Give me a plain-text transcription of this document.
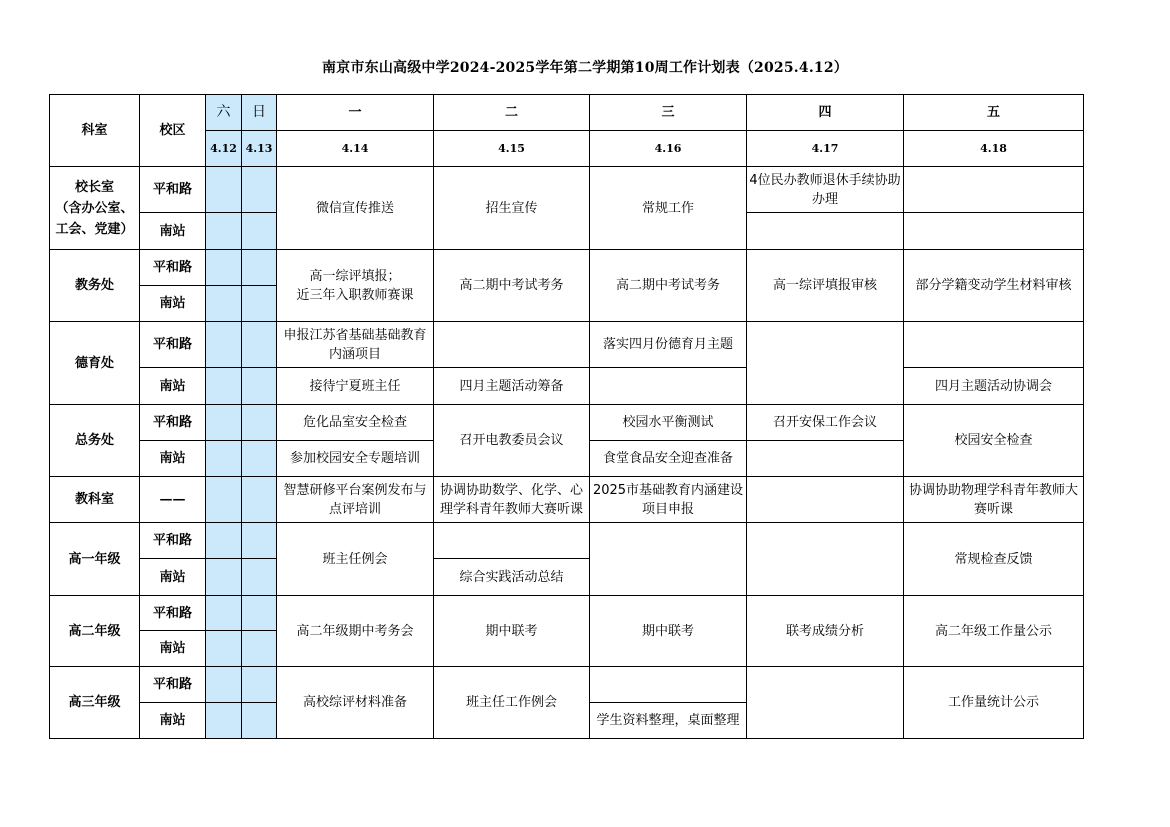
南京市东山高级中学2024-2025学年第二学期第10周工作计划表（2025.4.12）
科室	校区	六	日	一	二	三	四	五
		4.12	4.13	4.14	4.15	4.16	4.17	4.18
校长室
（含办公室、
工会、党建）	平和路			微信宣传推送	招生宣传	常规工作	4位民办教师退休手续协助办理	
	南站							
教务处	平和路			高一综评填报；
近三年入职教师赛课	高二期中考试考务	高二期中考试考务	高一综评填报审核	部分学籍变动学生材料审核
	南站							
德育处	平和路			申报江苏省基础基础教育内涵项目		落实四月份德育月主题		
	南站			接待宁夏班主任	四月主题活动筹备			四月主题活动协调会
总务处	平和路			危化品室安全检查	召开电教委员会议	校园水平衡测试	召开安保工作会议	校园安全检查
	南站			参加校园安全专题培训		食堂食品安全迎查准备		
教科室	——			智慧研修平台案例发布与点评培训	协调协助数学、化学、心理学科青年教师大赛听课	2025市基础教育内涵建设项目申报		协调协助物理学科青年教师大赛听课
高一年级	平和路			班主任例会				常规检查反馈
	南站				综合实践活动总结			
高二年级	平和路			高二年级期中考务会	期中联考	期中联考	联考成绩分析	高二年级工作量公示
	南站							
高三年级	平和路			高校综评材料准备	班主任工作例会			工作量统计公示
	南站					学生资料整理，桌面整理		
